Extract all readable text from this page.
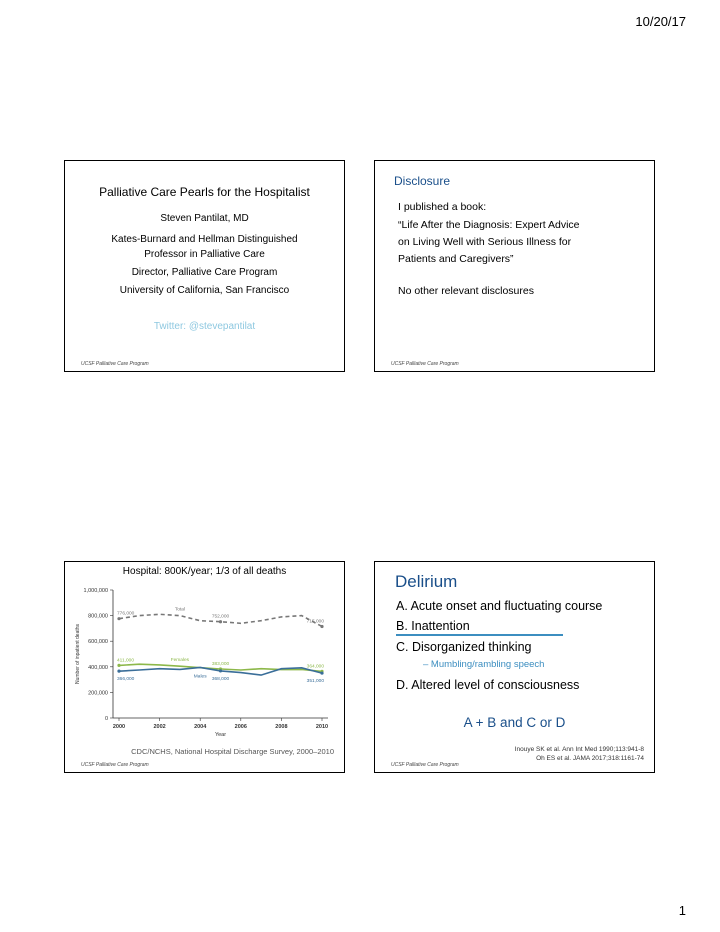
10/20/17
Palliative Care Pearls for the Hospitalist
Steven Pantilat, MD
Kates-Burnard and Hellman Distinguished
Professor in Palliative Care
Director, Palliative Care Program
University of California, San Francisco
Twitter: @stevepantilat
UCSF Palliative Care Program
Disclosure
I published a book:
“Life After the Diagnosis: Expert Advice
on Living Well with Serious Illness for
Patients and Caregivers”
No other relevant disclosures
UCSF Palliative Care Program
Hospital: 800K/year; 1/3 of all deaths
0
200,000
400,000
600,000
800,000
1,000,000
2000	2002	2004	2006	2008	2010
Year
Number of inpatient deaths
776,000
752,000
715,000
411,000
383,000	364,000
366,000	368,000	351,000
Total
Females
Males
CDC/NCHS, National Hospital Discharge Survey, 2000–2010
UCSF Palliative Care Program
Delirium
A. Acute onset and fluctuating course
B. Inattention
C. Disorganized thinking
– Mumbling/rambling speech
D. Altered level of consciousness
A + B and C or D
Inouye SK et al. Ann Int Med 1990;113:941-8
Oh ES et al. JAMA 2017;318:1161-74
UCSF Palliative Care Program
1
